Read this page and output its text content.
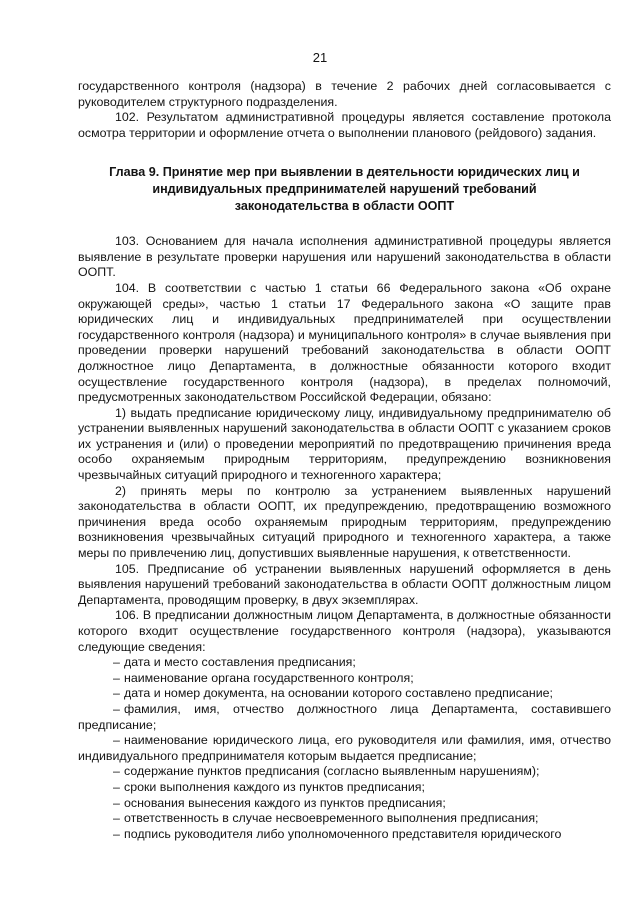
21

государственного контроля (надзора) в течение 2 рабочих дней согласовывается с руководителем структурного подразделения.

102. Результатом административной процедуры является составление протокола осмотра территории и оформление отчета о выполнении планового (рейдового) задания.

Глава 9. Принятие мер при выявлении в деятельности юридических лиц и
индивидуальных предпринимателей нарушений требований
законодательства в области ООПТ

103. Основанием для начала исполнения административной процедуры является выявление в результате проверки нарушения или нарушений законодательства в области ООПТ.

104. В соответствии с частью 1 статьи 66 Федерального закона «Об охране окружающей среды», частью 1 статьи 17 Федерального закона «О защите прав юридических лиц и индивидуальных предпринимателей при осуществлении государственного контроля (надзора) и муниципального контроля» в случае выявления при проведении проверки нарушений требований законодательства в области ООПТ должностное лицо Департамента, в должностные обязанности которого входит осуществление государственного контроля (надзора), в пределах полномочий, предусмотренных законодательством Российской Федерации, обязано:

1) выдать предписание юридическому лицу, индивидуальному предпринимателю об устранении выявленных нарушений законодательства в области ООПТ с указанием сроков их устранения и (или) о проведении мероприятий по предотвращению причинения вреда особо охраняемым природным территориям, предупреждению возникновения чрезвычайных ситуаций природного и техногенного характера;

2) принять меры по контролю за устранением выявленных нарушений законодательства в области ООПТ, их предупреждению, предотвращению возможного причинения вреда особо охраняемым природным территориям, предупреждению возникновения чрезвычайных ситуаций природного и техногенного характера, а также меры по привлечению лиц, допустивших выявленные нарушения, к ответственности.

105. Предписание об устранении выявленных нарушений оформляется в день выявления нарушений требований законодательства в области ООПТ должностным лицом Департамента, проводящим проверку, в двух экземплярах.

106. В предписании должностным лицом Департамента, в должностные обязанности которого входит осуществление государственного контроля (надзора), указываются следующие сведения:

– дата и место составления предписания;

– наименование органа государственного контроля;

– дата и номер документа, на основании которого составлено предписание;

– фамилия, имя, отчество должностного лица Департамента, составившего предписание;

– наименование юридического лица, его руководителя или фамилия, имя, отчество индивидуального предпринимателя которым выдается предписание;

– содержание пунктов предписания (согласно выявленным нарушениям);

– сроки выполнения каждого из пунктов предписания;

– основания вынесения каждого из пунктов предписания;

– ответственность в случае несвоевременного выполнения предписания;

– подпись руководителя либо уполномоченного представителя юридического
